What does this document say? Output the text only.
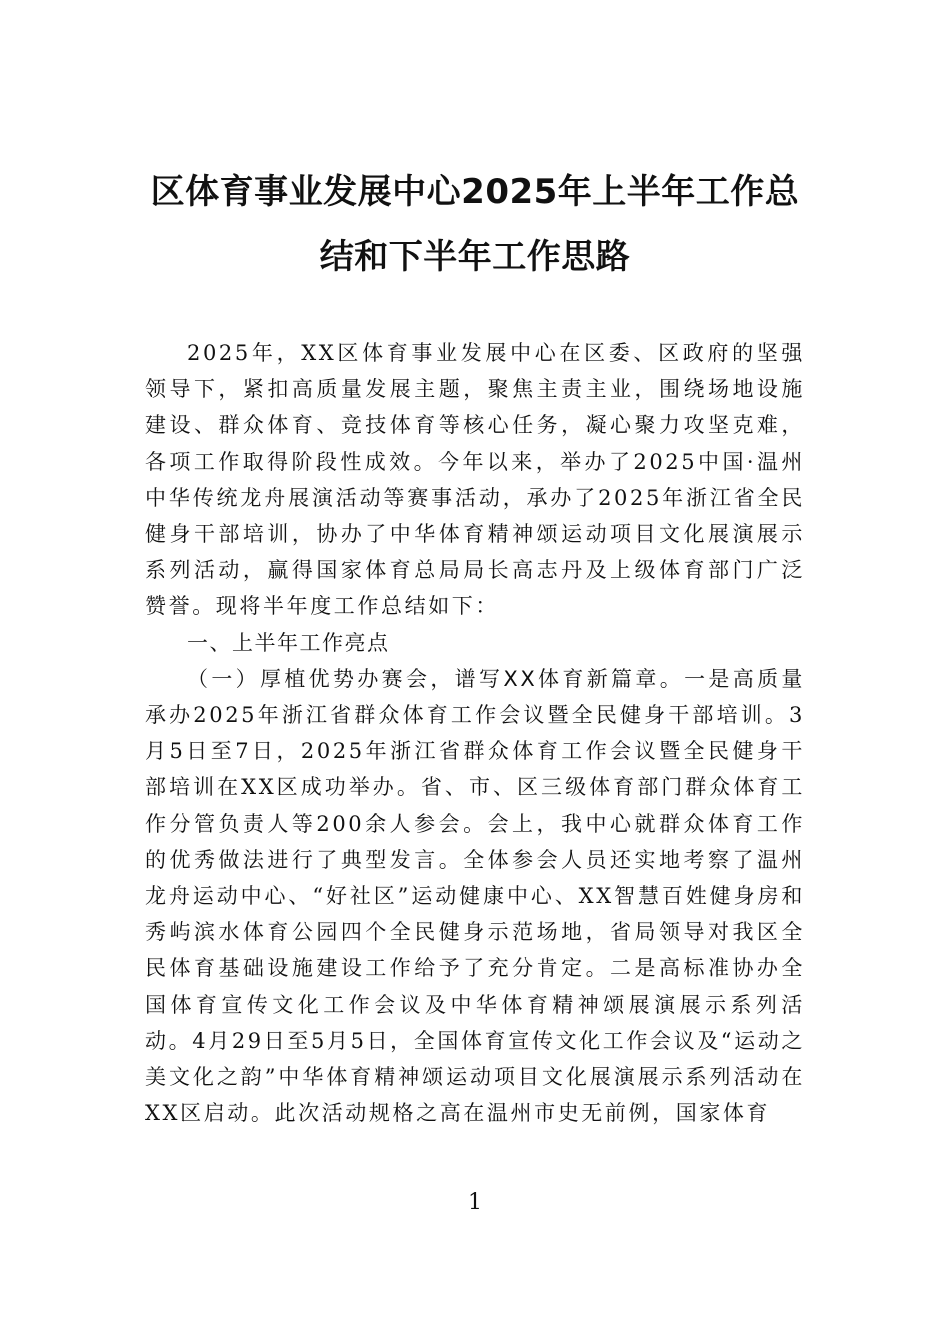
区体育事业发展中心2025年上半年工作总结和下半年工作思路

2025年，XX区体育事业发展中心在区委、区政府的坚强领导下，紧扣高质量发展主题，聚焦主责主业，围绕场地设施建设、群众体育、竞技体育等核心任务，凝心聚力攻坚克难，各项工作取得阶段性成效。今年以来，举办了2025中国·温州中华传统龙舟展演活动等赛事活动，承办了2025年浙江省全民健身干部培训，协办了中华体育精神颂运动项目文化展演展示系列活动，赢得国家体育总局局长高志丹及上级体育部门广泛赞誉。现将半年度工作总结如下：

一、上半年工作亮点

（一）厚植优势办赛会，谱写XX体育新篇章。一是高质量承办2025年浙江省群众体育工作会议暨全民健身干部培训。3月5日至7日，2025年浙江省群众体育工作会议暨全民健身干部培训在XX区成功举办。省、市、区三级体育部门群众体育工作分管负责人等200余人参会。会上，我中心就群众体育工作的优秀做法进行了典型发言。全体参会人员还实地考察了温州龙舟运动中心、“好社区”运动健康中心、XX智慧百姓健身房和秀屿滨水体育公园四个全民健身示范场地，省局领导对我区全民体育基础设施建设工作给予了充分肯定。二是高标准协办全国体育宣传文化工作会议及中华体育精神颂展演展示系列活动。4月29日至5月5日，全国体育宣传文化工作会议及“运动之美文化之韵”中华体育精神颂运动项目文化展演展示系列活动在XX区启动。此次活动规格之高在温州市史无前例，国家体育

1
